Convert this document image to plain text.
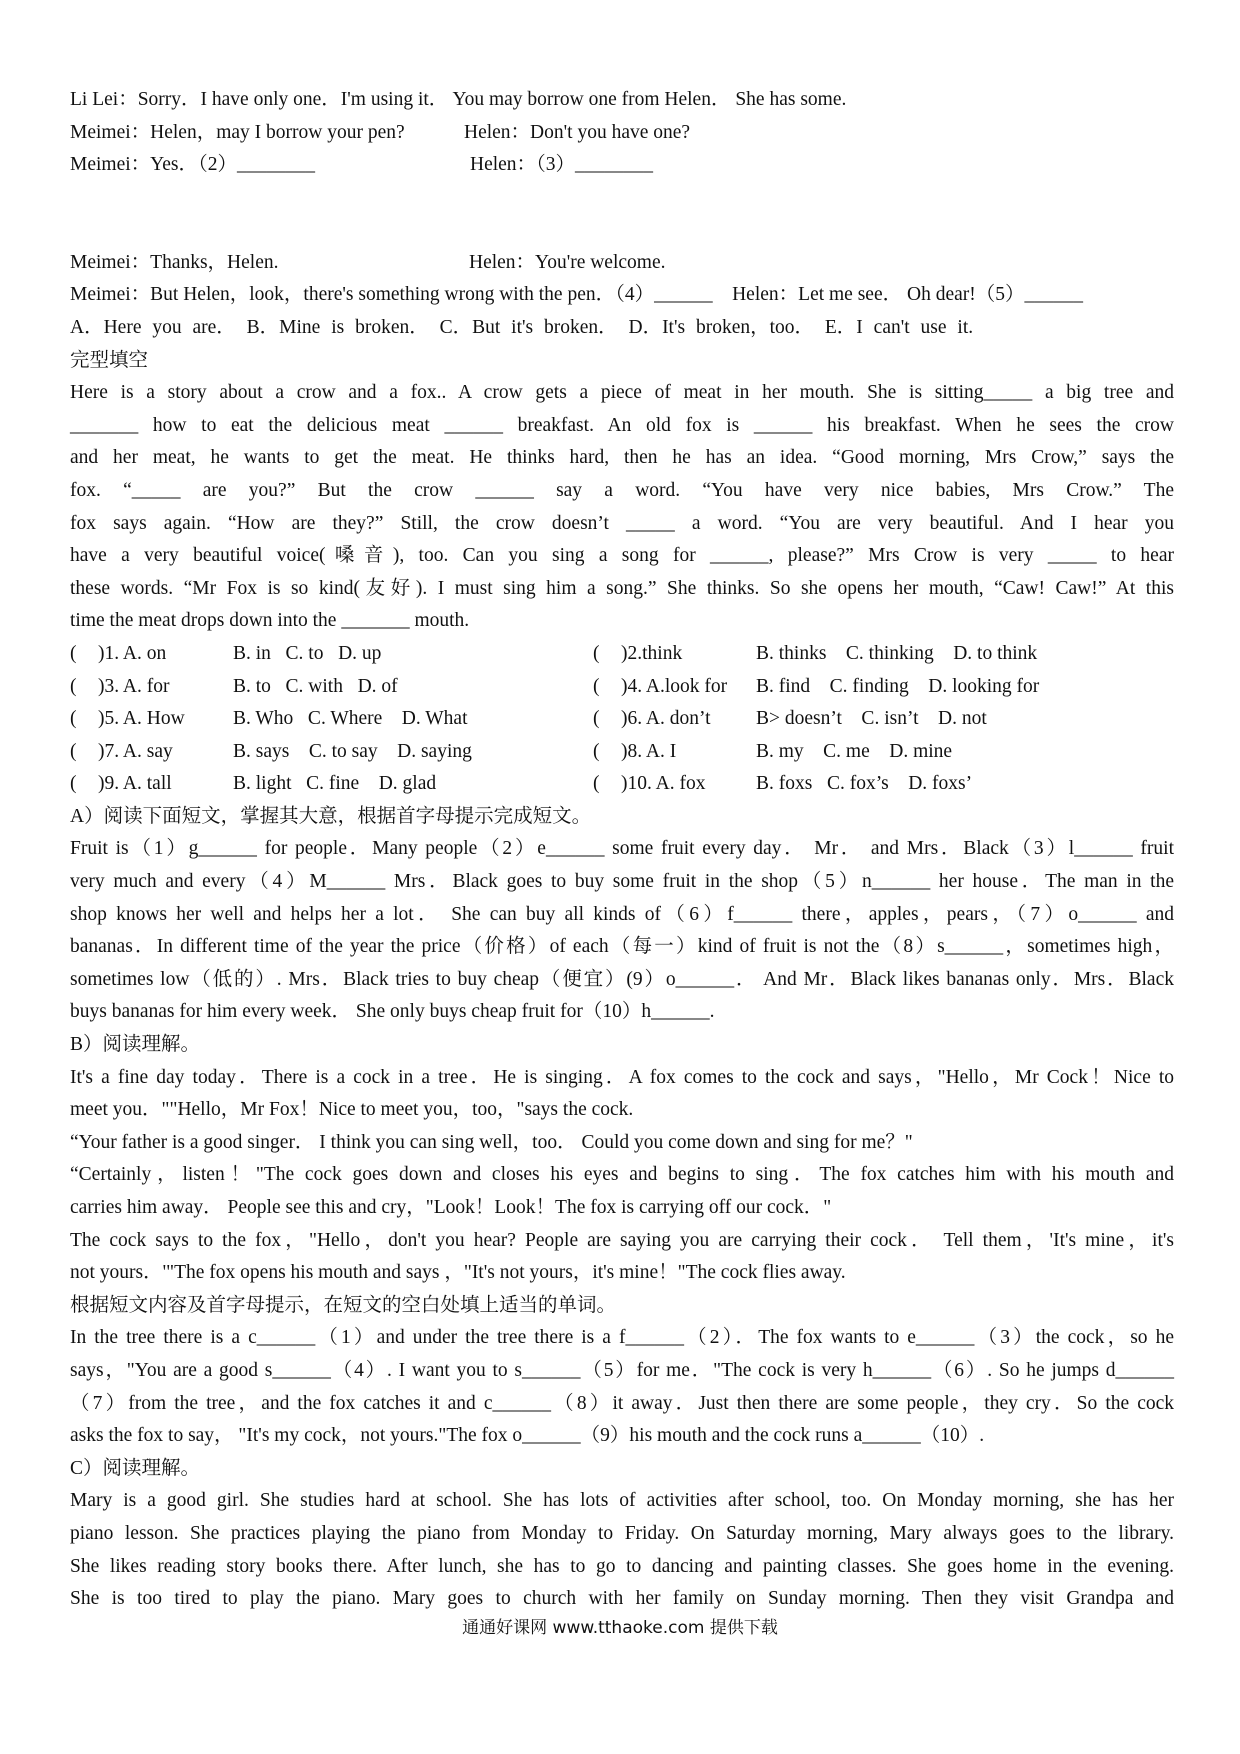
Li Lei：Sorry．I have only one．I'm using it． You may borrow one from Helen． She has some.
Meimei：Helen，may I borrow your pen?	Helen：Don't you have one?
Meimei：Yes．（2）________	Helen：（3）________
Meimei：Thanks，Helen.	Helen：You're welcome.
Meimei：But Helen，look，there's something wrong with the pen．（4）______    Helen：Let me see． Oh dear!（5）______
A．Here you are． B．Mine is broken． C．But it's broken． D．It's broken，too． E．I can't use it.
完型填空
Here is a story about a crow and a fox.. A crow gets a piece of meat in her mouth. She is sitting_____ a big tree and
_______ how to eat the delicious meat ______ breakfast. An old fox is ______ his breakfast. When he sees the crow
and her meat, he wants to get the meat. He thinks hard, then he has an idea. “Good morning, Mrs Crow,” says the
fox. “_____ are you?” But the crow ______ say a word. “You have very nice babies, Mrs Crow.” The
fox says again. “How are they?” Still, the crow doesn’t _____ a word. “You are very beautiful. And I hear you
have a very beautiful voice(嗓音), too. Can you sing a song for ______, please?” Mrs Crow is very _____ to hear
these words. “Mr Fox is so kind(友好). I must sing him a song.” She thinks. So she opens her mouth, “Caw! Caw!” At this
time the meat drops down into the _______ mouth.
(	)1. A. on	B. in   C. to   D. up	(	)2.think	B. thinks    C. thinking    D. to think
(	)3. A. for	B. to   C. with   D. of	(	)4. A.look for	B. find    C. finding    D. looking for
(	)5. A. How	B. Who   C. Where    D. What	(	)6. A. don’t	B> doesn’t    C. isn’t    D. not
(	)7. A. say	B. says    C. to say    D. saying	(	)8. A. I	B. my    C. me    D. mine
(	)9. A. tall	B. light   C. fine    D. glad	(	)10. A. fox	B. foxs   C. fox’s    D. foxs’
A）阅读下面短文，掌握其大意，根据首字母提示完成短文。
Fruit is（1）g______ for people．Many people（2）e______ some fruit every day． Mr． and Mrs．Black（3）l______ fruit
very much and every（4）M______ Mrs．Black goes to buy some fruit in the shop（5）n______ her house．The man in the
shop knows her well and helps her a lot． She can buy all kinds of（6）f______ there，apples，pears，（7）o______ and
bananas．In different time of the year the price（价格）of each（每一）kind of fruit is not the（8）s______，sometimes high，
sometimes low（低的）. Mrs．Black tries to buy cheap（便宜）(9）o______． And Mr．Black likes bananas only．Mrs．Black
buys bananas for him every week． She only buys cheap fruit for（10）h______.
B）阅读理解。
It's a fine day today．There is a cock in a tree．He is singing．A fox comes to the cock and says，"Hello，Mr Cock！Nice to
meet you．""Hello，Mr Fox！Nice to meet you，too，"says the cock.
“Your father is a good singer． I think you can sing well，too． Could you come down and sing for me？"
“Certainly，listen！"The cock goes down and closes his eyes and begins to sing．The fox catches him with his mouth and
carries him away． People see this and cry，"Look！Look！The fox is carrying off our cock．"
The cock says to the fox，"Hello，don't you hear? People are saying you are carrying their cock． Tell them，'It's mine，it's
not yours．'"The fox opens his mouth and says ，"It's not yours，it's mine！"The cock flies away.
根据短文内容及首字母提示，在短文的空白处填上适当的单词。
In the tree there is a c______（1）and under the tree there is a f______（2）．The fox wants to e______（3）the cock，so he
says，"You are a good s______（4）. I want you to s______（5）for me．"The cock is very h______（6）. So he jumps d______
（7）from the tree，and the fox catches it and c______（8）it away．Just then there are some people，they cry．So the cock
asks the fox to say， "It's my cock，not yours."The fox o______（9）his mouth and the cock runs a______（10）.
C）阅读理解。
Mary is a good girl. She studies hard at school. She has lots of activities after school, too. On Monday morning, she has her
piano lesson. She practices playing the piano from Monday to Friday. On Saturday morning, Mary always goes to the library.
She likes reading story books there. After lunch, she has to go to dancing and painting classes. She goes home in the evening.
She is too tired to play the piano. Mary goes to church with her family on Sunday morning. Then they visit Grandpa and
通通好课网 www.tthaoke.com 提供下载
